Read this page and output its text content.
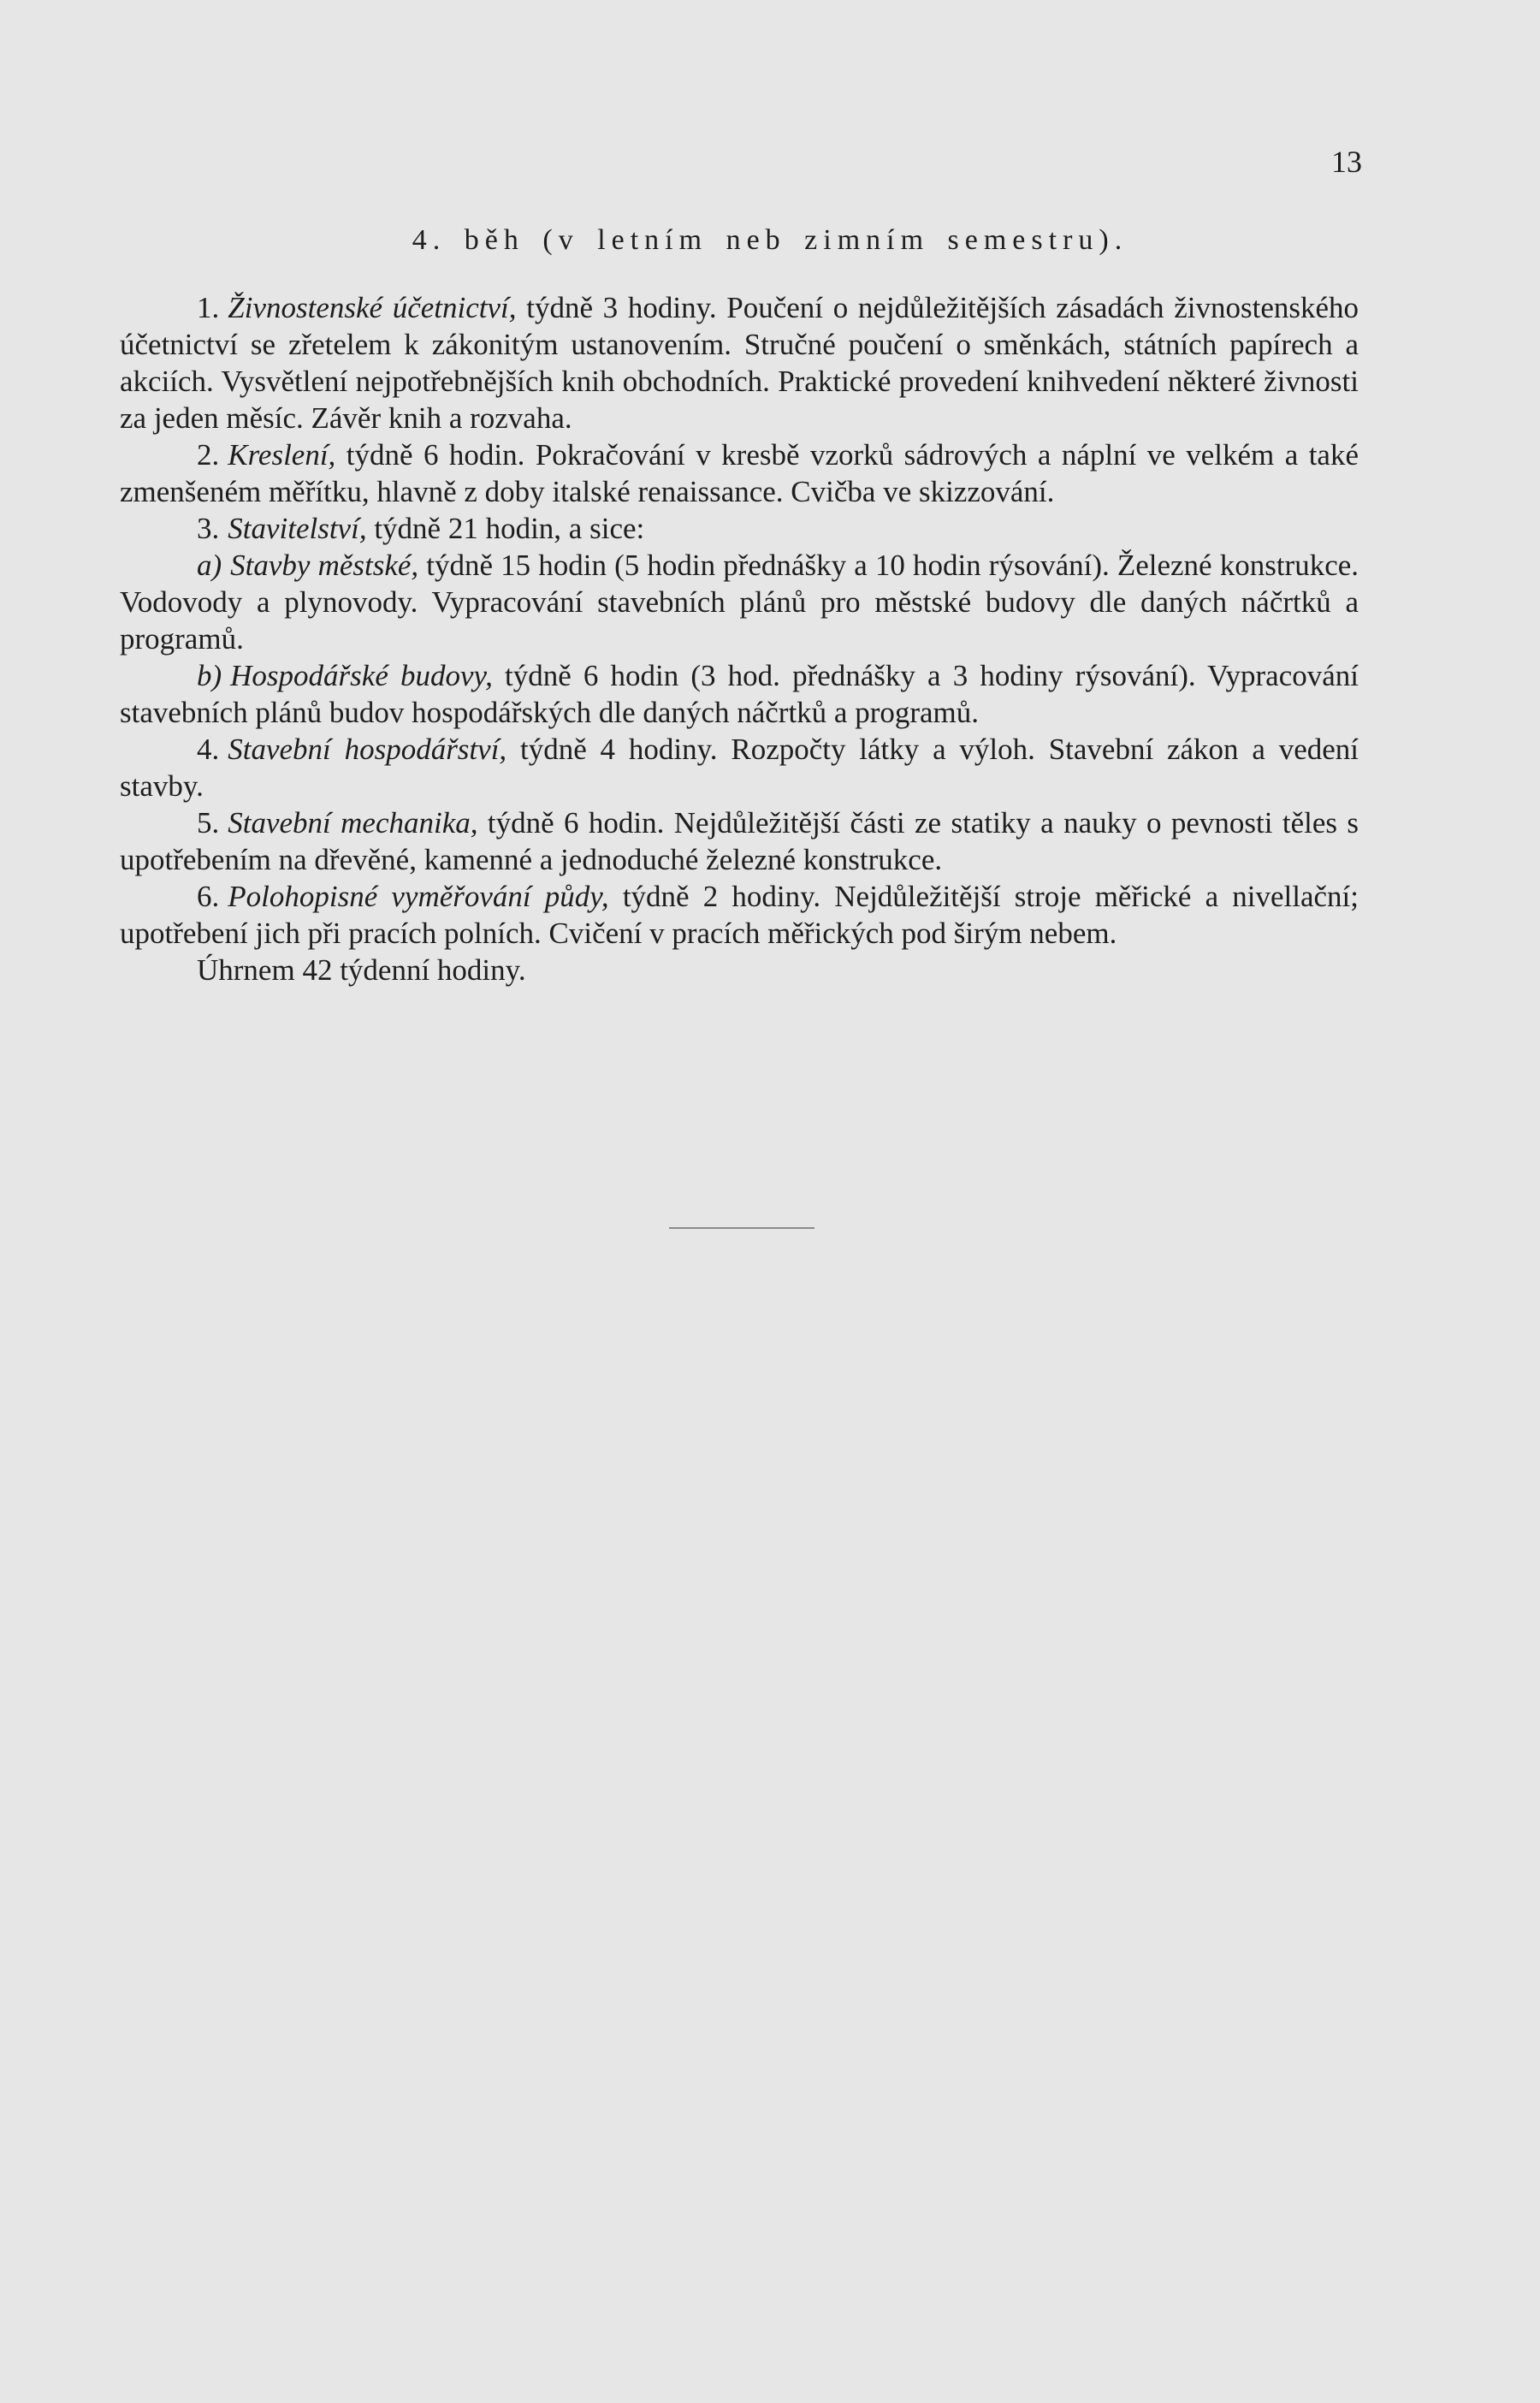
13
4. běh (v letním neb zimním semestru).

1. Živnostenské účetnictví, týdně 3 hodiny. Poučení o nejdůležitějších zásadách živnostenského účetnictví se zřetelem k zákonitým ustanovením. Stručné poučení o směnkách, státních papírech a akciích. Vysvětlení nejpotřebnějších knih obchodních. Praktické provedení knihvedení některé živnosti za jeden měsíc. Závěr knih a rozvaha.

2. Kreslení, týdně 6 hodin. Pokračování v kresbě vzorků sádrových a náplní ve velkém a také zmenšeném měřítku, hlavně z doby italské renaissance. Cvičba ve skizzování.

3. Stavitelství, týdně 21 hodin, a sice:

a) Stavby městské, týdně 15 hodin (5 hodin přednášky a 10 hodin rýsování). Železné konstrukce. Vodovody a plynovody. Vypracování stavebních plánů pro městské budovy dle daných náčrtků a programů.

b) Hospodářské budovy, týdně 6 hodin (3 hod. přednášky a 3 hodiny rýsování). Vypracování stavebních plánů budov hospodářských dle daných náčrtků a programů.

4. Stavební hospodářství, týdně 4 hodiny. Rozpočty látky a výloh. Stavební zákon a vedení stavby.

5. Stavební mechanika, týdně 6 hodin. Nejdůležitější části ze statiky a nauky o pevnosti těles s upotřebením na dřevěné, kamenné a jednoduché železné konstrukce.

6. Polohopisné vyměřování půdy, týdně 2 hodiny. Nejdůležitější stroje měřické a nivellační; upotřebení jich při pracích polních. Cvičení v pracích měřických pod širým nebem.

Úhrnem 42 týdenní hodiny.
